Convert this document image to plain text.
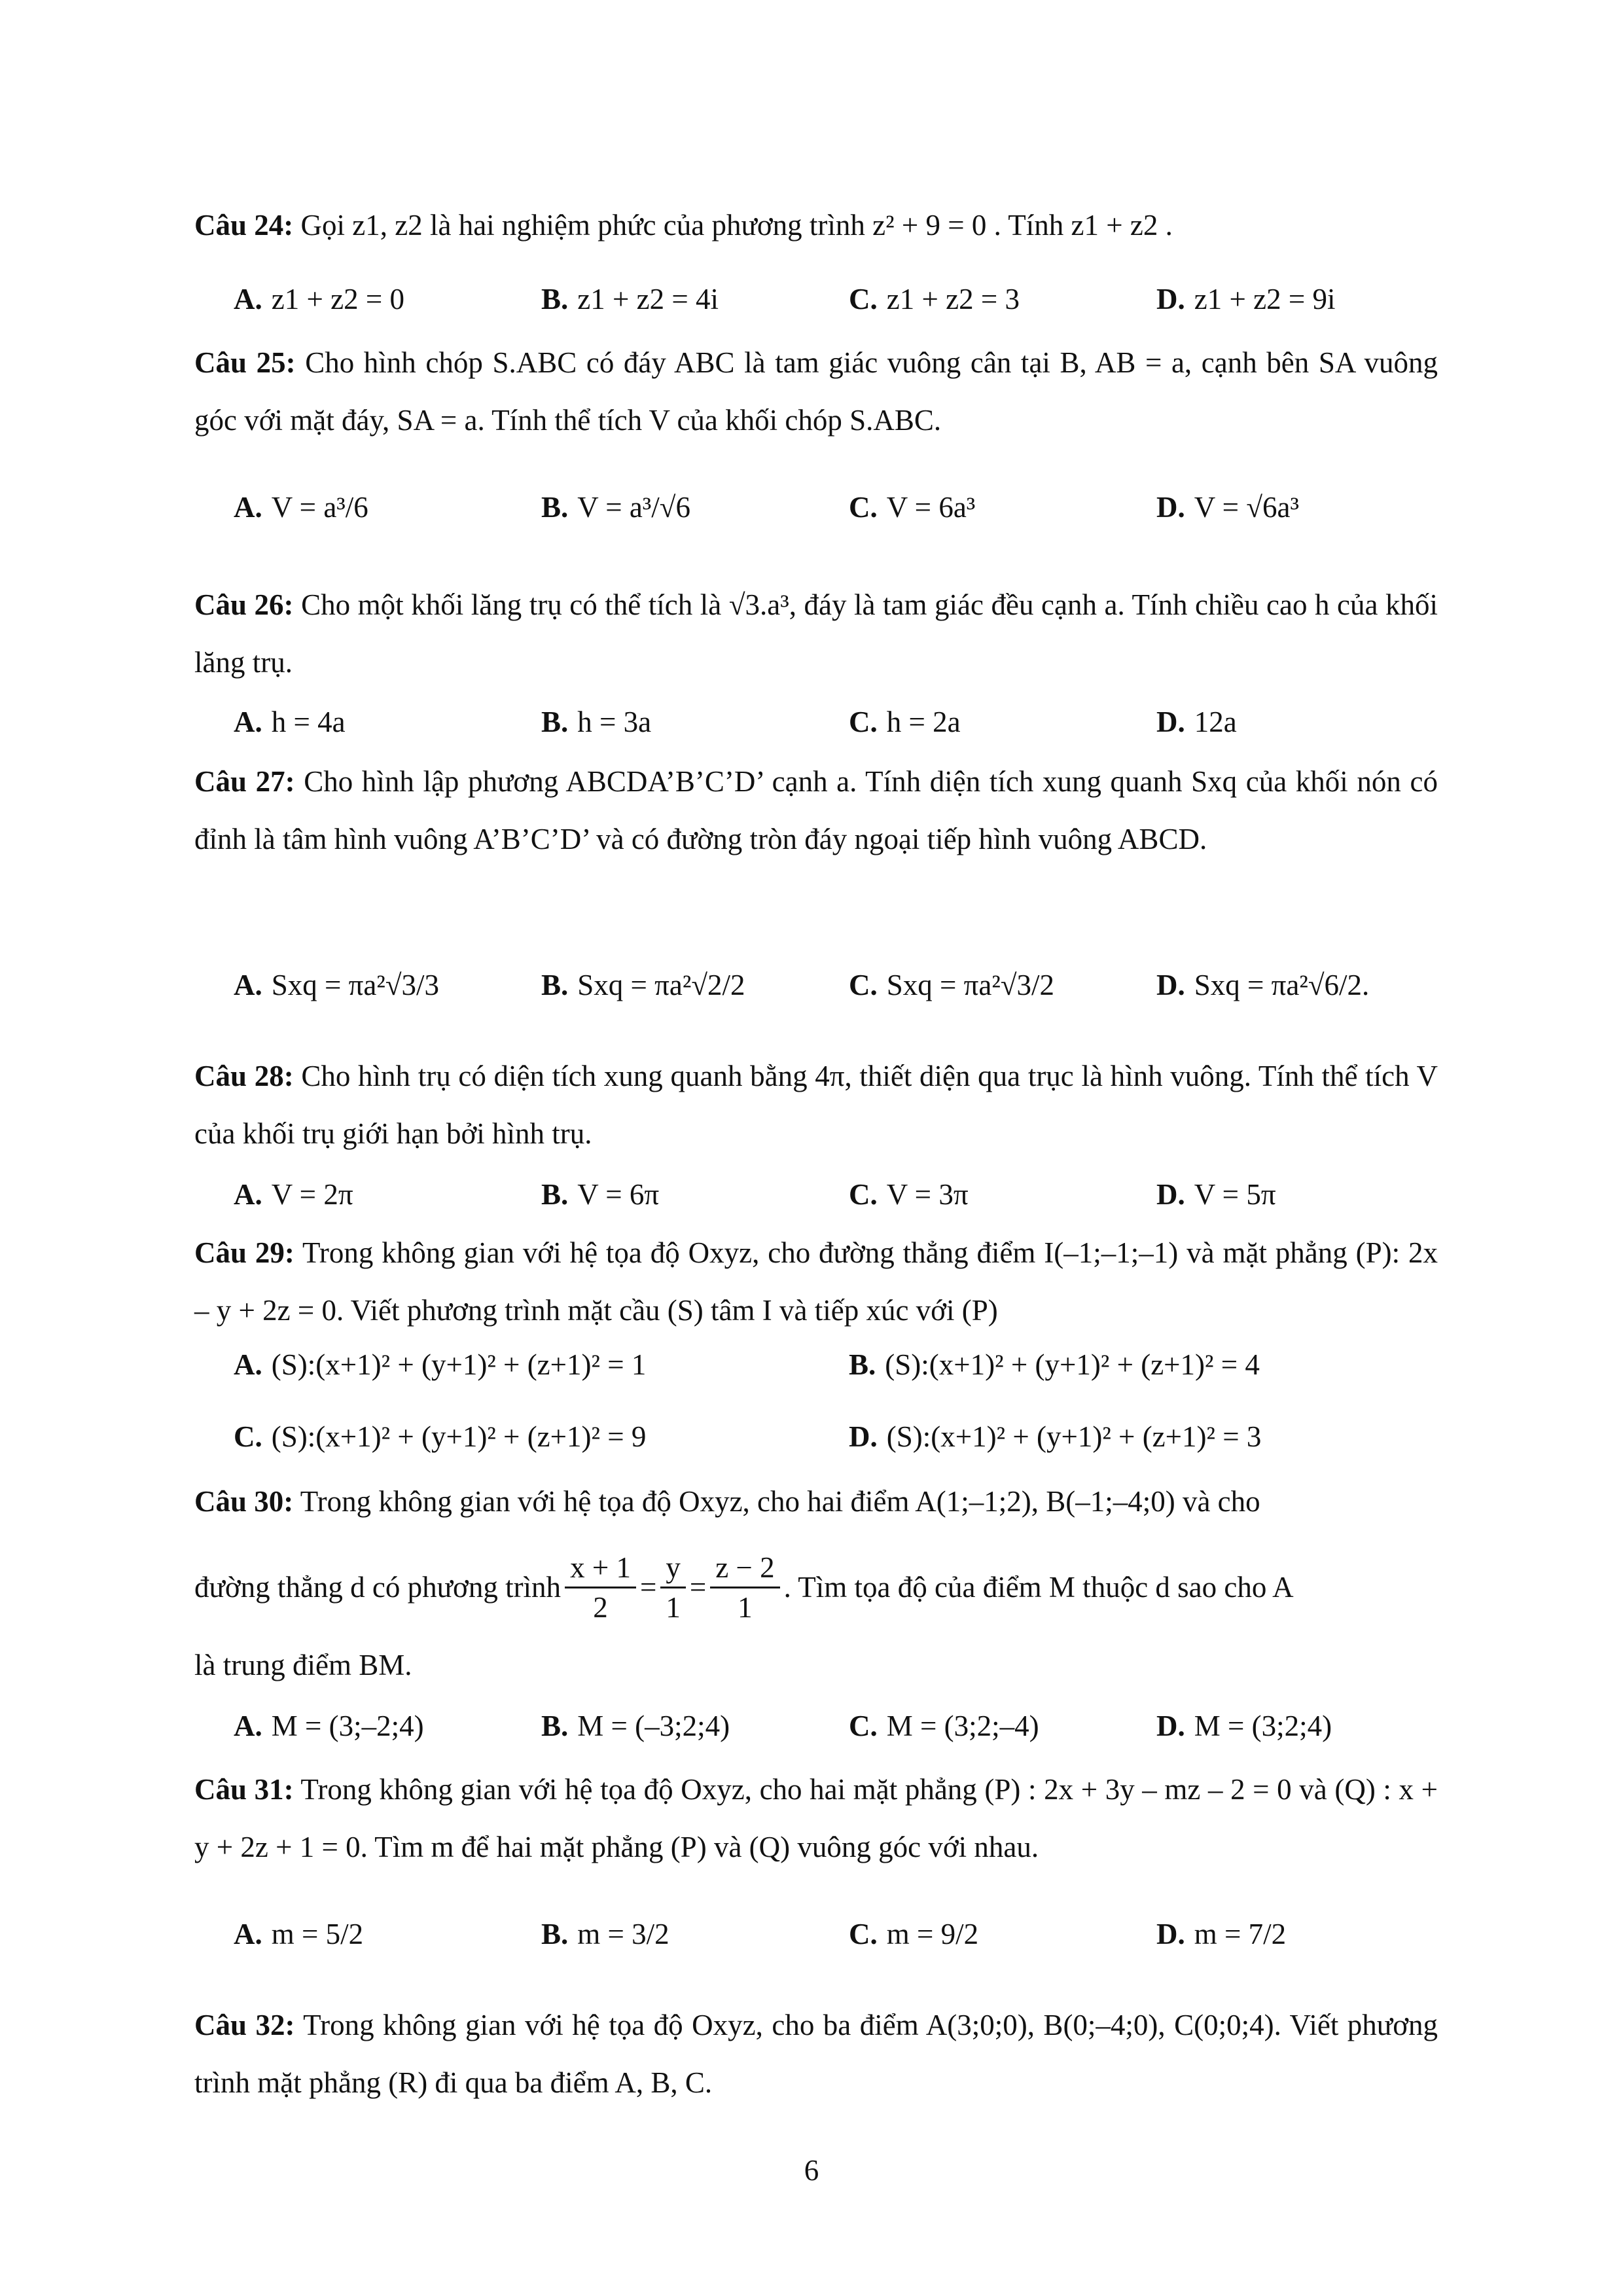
Câu 24: Gọi z1, z2 là hai nghiệm phức của phương trình z² + 9 = 0 . Tính z1 + z2 .
A. z1 + z2 = 0	B. z1 + z2 = 4i	C. z1 + z2 = 3	D. z1 + z2 = 9i
Câu 25: Cho hình chóp S.ABC có đáy ABC là tam giác vuông cân tại B, AB = a, cạnh bên SA vuông góc với mặt đáy, SA = a. Tính thể tích V của khối chóp S.ABC.
A. V = a³/6	B. V = a³/√6	C. V = 6a³	D. V = √6a³
Câu 26: Cho một khối lăng trụ có thể tích là √3.a³, đáy là tam giác đều cạnh a. Tính chiều cao h của khối lăng trụ.
A. h = 4a	B. h = 3a	C. h = 2a	D. 12a
Câu 27: Cho hình lập phương ABCDA’B’C’D’ cạnh a. Tính diện tích xung quanh Sxq của khối nón có đỉnh là tâm hình vuông A’B’C’D’ và có đường tròn đáy ngoại tiếp hình vuông ABCD.
A. Sxq = πa²√3/3	B. Sxq = πa²√2/2	C. Sxq = πa²√3/2	D. Sxq = πa²√6/2.
Câu 28: Cho hình trụ có diện tích xung quanh bằng 4π, thiết diện qua trục là hình vuông. Tính thể tích V của khối trụ giới hạn bởi hình trụ.
A. V = 2π	B. V = 6π	C. V = 3π	D. V = 5π
Câu 29: Trong không gian với hệ tọa độ Oxyz, cho đường thẳng điểm I(–1;–1;–1) và mặt phẳng (P): 2x – y + 2z = 0. Viết phương trình mặt cầu (S) tâm I và tiếp xúc với (P)
A. (S):(x+1)² + (y+1)² + (z+1)² = 1	B. (S):(x+1)² + (y+1)² + (z+1)² = 4
C. (S):(x+1)² + (y+1)² + (z+1)² = 9	D. (S):(x+1)² + (y+1)² + (z+1)² = 3
Câu 30: Trong không gian với hệ tọa độ Oxyz, cho hai điểm A(1;–1;2), B(–1;–4;0) và cho
đường thẳng d có phương trình $\frac{x + 1}{2} = \frac{y}{1} = \frac{z - 2}{1}$ . Tìm tọa độ của điểm M thuộc d sao cho A
là trung điểm BM.
A. M = (3;–2;4)	B. M = (–3;2;4)	C. M = (3;2;–4)	D. M = (3;2;4)
Câu 31: Trong không gian với hệ tọa độ Oxyz, cho hai mặt phẳng (P) : 2x + 3y – mz – 2 = 0 và (Q) : x + y + 2z + 1 = 0. Tìm m để hai mặt phẳng (P) và (Q) vuông góc với nhau.
A. m = 5/2	B. m = 3/2	C. m = 9/2	D. m = 7/2
Câu 32: Trong không gian với hệ tọa độ Oxyz, cho ba điểm A(3;0;0), B(0;–4;0), C(0;0;4). Viết phương trình mặt phẳng (R) đi qua ba điểm A, B, C.
6
